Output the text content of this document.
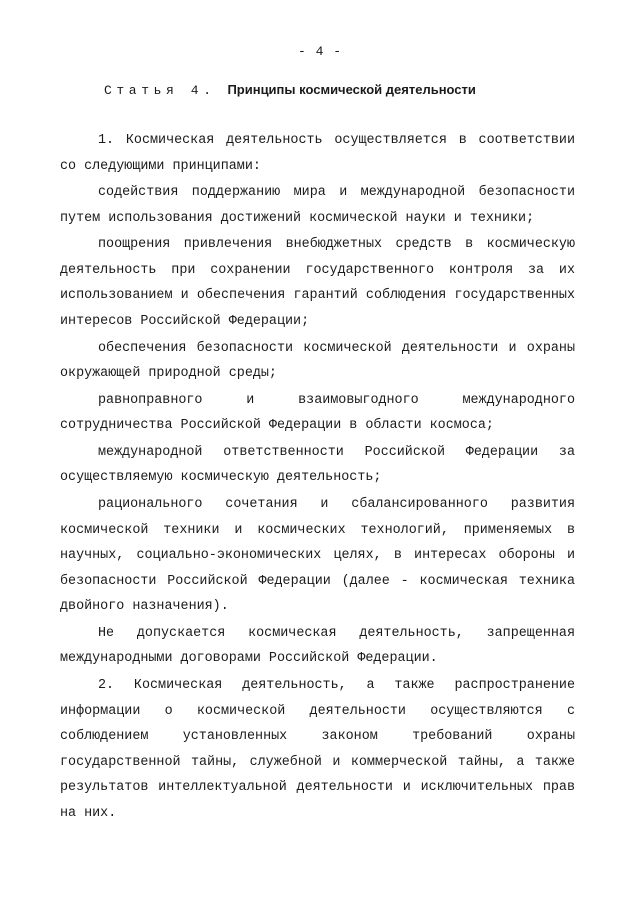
- 4 -
Статья 4. Принципы космической деятельности

1. Космическая деятельность осуществляется в соответствии со следующими принципами:

содействия поддержанию мира и международной безопасности путем использования достижений космической науки и техники;

поощрения привлечения внебюджетных средств в космическую деятельность при сохранении государственного контроля за их использованием и обеспечения гарантий соблюдения государственных интересов Российской Федерации;

обеспечения безопасности космической деятельности и охраны окружающей природной среды;

равноправного и взаимовыгодного международного сотрудничества Российской Федерации в области космоса;

международной ответственности Российской Федерации за осуществляемую космическую деятельность;

рационального сочетания и сбалансированного развития космической техники и космических технологий, применяемых в научных, социально-экономических целях, в интересах обороны и безопасности Российской Федерации (далее - космическая техника двойного назначения).

Не допускается космическая деятельность, запрещенная международными договорами Российской Федерации.

2. Космическая деятельность, а также распространение информации о космической деятельности осуществляются с соблюдением установленных законом требований охраны государственной тайны, служебной и коммерческой тайны, а также результатов интеллектуальной деятельности и исключительных прав на них.
